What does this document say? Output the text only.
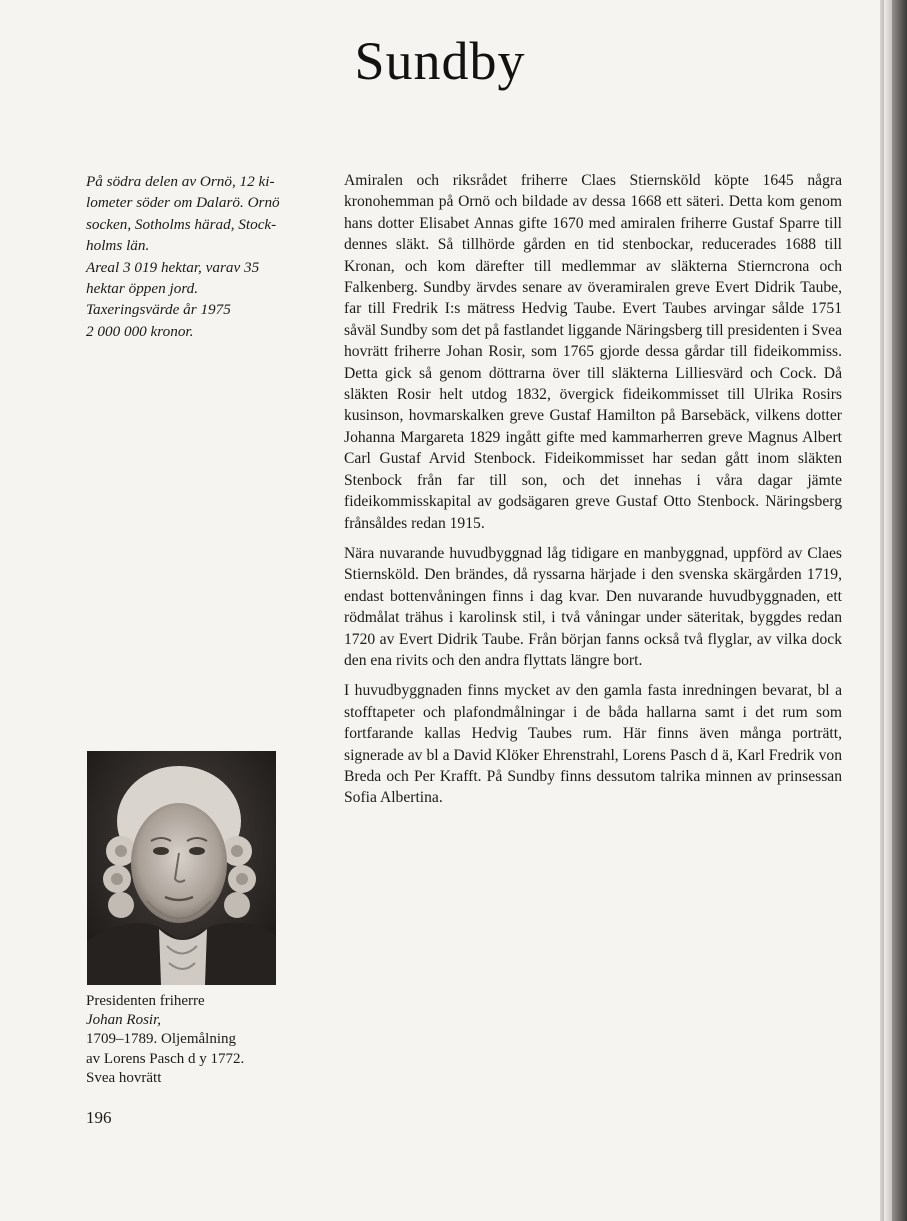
Sundby

På södra delen av Ornö, 12 ki-

lometer söder om Dalarö. Ornö

socken, Sotholms härad, Stock-

holms län.

Areal 3 019 hektar, varav 35

hektar öppen jord.

Taxeringsvärde år 1975

2 000 000 kronor.

Amiralen och riksrådet friherre Claes Stiernsköld köpte 1645 några kronohemman på Ornö och bildade av dessa 1668 ett säteri. Detta kom genom hans dotter Elisabet Annas gifte 1670 med amiralen friherre Gustaf Sparre till dennes släkt. Så tillhörde gården en tid stenbockar, reducerades 1688 till Kronan, och kom därefter till medlemmar av släkterna Stierncrona och Falkenberg. Sundby ärvdes senare av överamiralen greve Evert Didrik Taube, far till Fredrik I:s mätress Hedvig Taube. Evert Taubes arvingar sålde 1751 såväl Sundby som det på fastlandet liggande Näringsberg till presidenten i Svea hovrätt friherre Johan Rosir, som 1765 gjorde dessa gårdar till fideikommiss. Detta gick så genom döttrarna över till släkterna Lilliesvärd och Cock. Då släkten Rosir helt utdog 1832, övergick fideikommisset till Ulrika Rosirs kusinson, hovmarskalken greve Gustaf Hamilton på Barsebäck, vilkens dotter Johanna Margareta 1829 ingått gifte med kammarherren greve Magnus Albert Carl Gustaf Arvid Stenbock. Fideikommisset har sedan gått inom släkten Stenbock från far till son, och det innehas i våra dagar jämte fideikommisskapital av godsägaren greve Gustaf Otto Stenbock. Näringsberg frånsåldes redan 1915.

Nära nuvarande huvudbyggnad låg tidigare en manbyggnad, uppförd av Claes Stiernsköld. Den brändes, då ryssarna härjade i den svenska skärgården 1719, endast bottenvåningen finns i dag kvar. Den nuvarande huvudbyggnaden, ett rödmålat trähus i karolinsk stil, i två våningar under säteritak, byggdes redan 1720 av Evert Didrik Taube. Från början fanns också två flyglar, av vilka dock den ena rivits och den andra flyttats längre bort.

I huvudbyggnaden finns mycket av den gamla fasta inredningen bevarat, bl a stofftapeter och plafondmålningar i de båda hallarna samt i det rum som fortfarande kallas Hedvig Taubes rum. Här finns även många porträtt, signerade av bl a David Klöker Ehrenstrahl, Lorens Pasch d ä, Karl Fredrik von Breda och Per Krafft. På Sundby finns dessutom talrika minnen av prinsessan Sofia Albertina.

Presidenten friherre
Johan Rosir,
1709–1789. Oljemålning
av Lorens Pasch d y 1772.
Svea hovrätt
196
